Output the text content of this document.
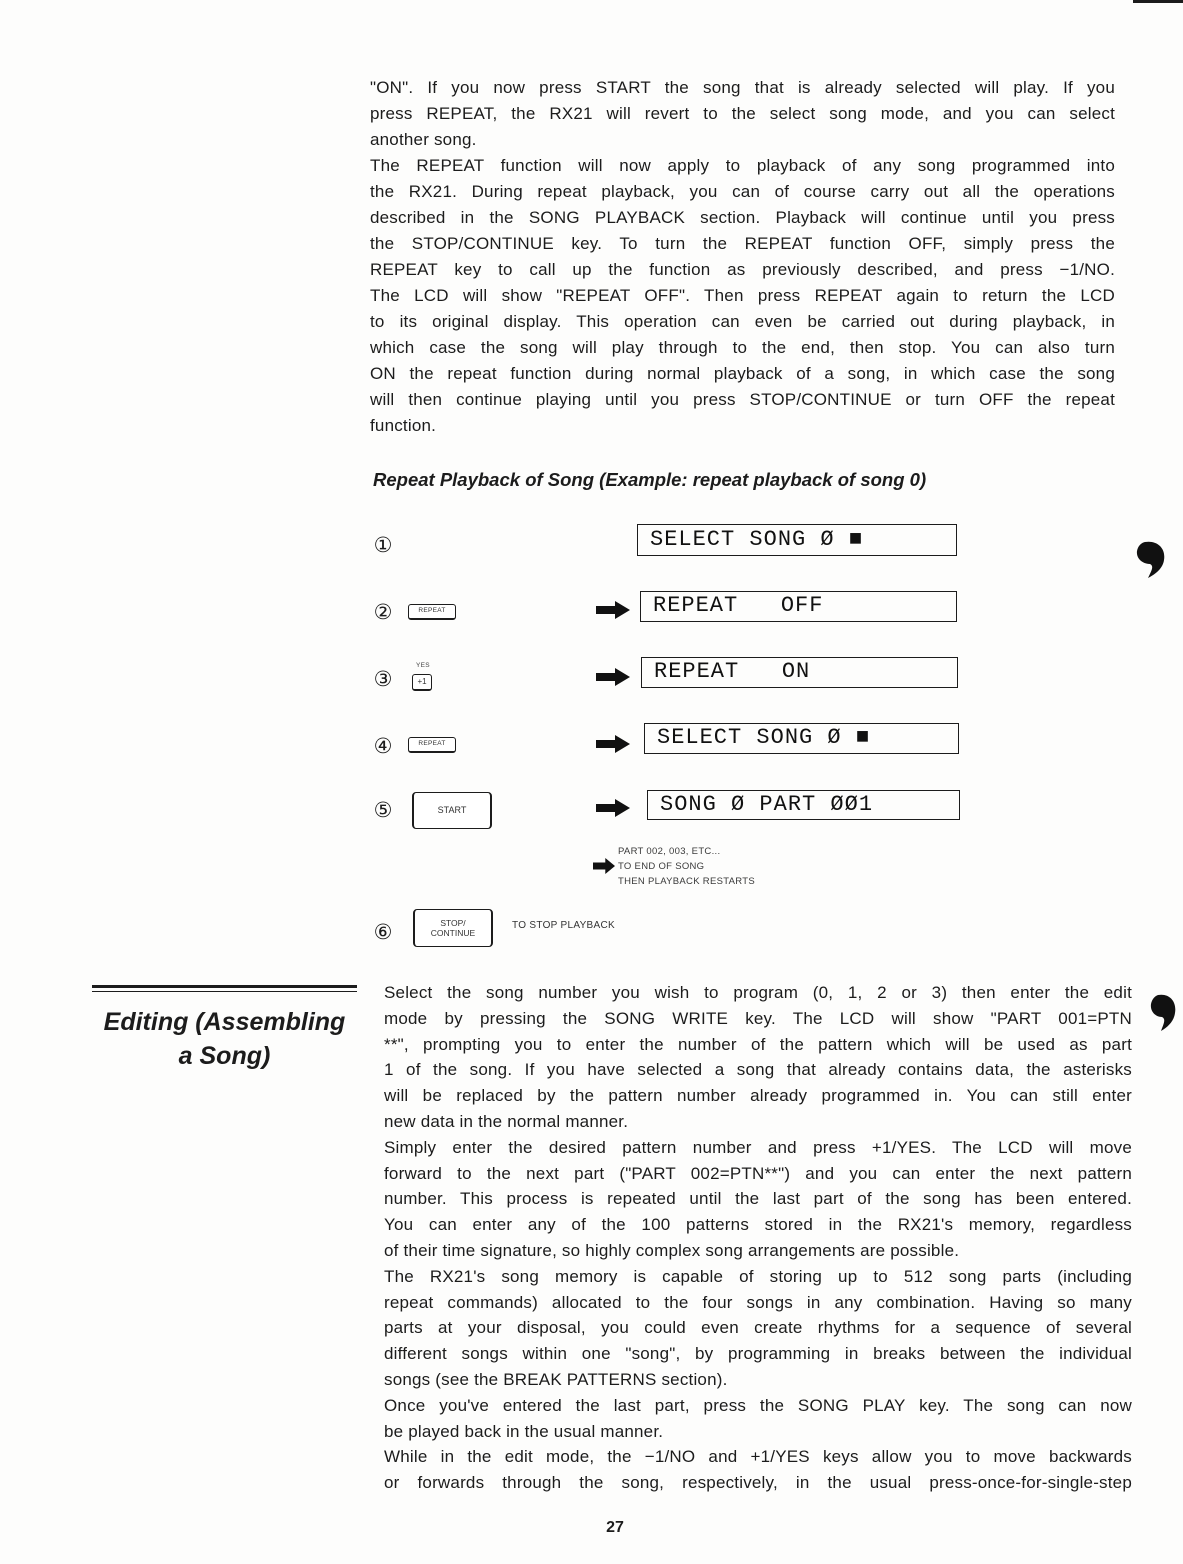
"ON". If you now press START the song that is already selected will play. If you
press REPEAT, the RX21 will revert to the select song mode, and you can select
another song.
The REPEAT function will now apply to playback of any song programmed into
the RX21. During repeat playback, you can of course carry out all the operations
described in the SONG PLAYBACK section. Playback will continue until you press
the STOP/CONTINUE key. To turn the REPEAT function OFF, simply press the
REPEAT key to call up the function as previously described, and press −1/NO.
The LCD will show "REPEAT OFF". Then press REPEAT again to return the LCD
to its original display. This operation can even be carried out during playback, in
which case the song will play through to the end, then stop. You can also turn
ON the repeat function during normal playback of a song, in which case the song
will then continue playing until you press STOP/CONTINUE or turn OFF the repeat
function.
Repeat Playback of Song (Example: repeat playback of song 0)
①
②
③
④
⑤
⑥
REPEAT
YES
+1
REPEAT
START
STOP/
CONTINUE
TO STOP PLAYBACK
SELECT SONG Ø ■
REPEAT   OFF
REPEAT   ON
SELECT SONG Ø ■
SONG Ø PART ØØ1
PART 002, 003, ETC...
TO END OF SONG
THEN PLAYBACK RESTARTS
Editing (Assembling
a Song)
Select the song number you wish to program (0, 1, 2 or 3) then enter the edit
mode by pressing the SONG WRITE key. The LCD will show "PART 001=PTN
**", prompting you to enter the number of the pattern which will be used as part
1 of the song. If you have selected a song that already contains data, the asterisks
will be replaced by the pattern number already programmed in. You can still enter
new data in the normal manner.
Simply enter the desired pattern number and press +1/YES. The LCD will move
forward to the next part ("PART 002=PTN**") and you can enter the next pattern
number. This process is repeated until the last part of the song has been entered.
You can enter any of the 100 patterns stored in the RX21's memory, regardless
of their time signature, so highly complex song arrangements are possible.
The RX21's song memory is capable of storing up to 512 song parts (including
repeat commands) allocated to the four songs in any combination. Having so many
parts at your disposal, you could even create rhythms for a sequence of several
different songs within one "song", by programming in breaks between the individual
songs (see the BREAK PATTERNS section).
Once you've entered the last part, press the SONG PLAY key. The song can now
be played back in the usual manner.
While in the edit mode, the −1/NO and +1/YES keys allow you to move backwards
or forwards through the song, respectively, in the usual press-once-for-single-step
27
